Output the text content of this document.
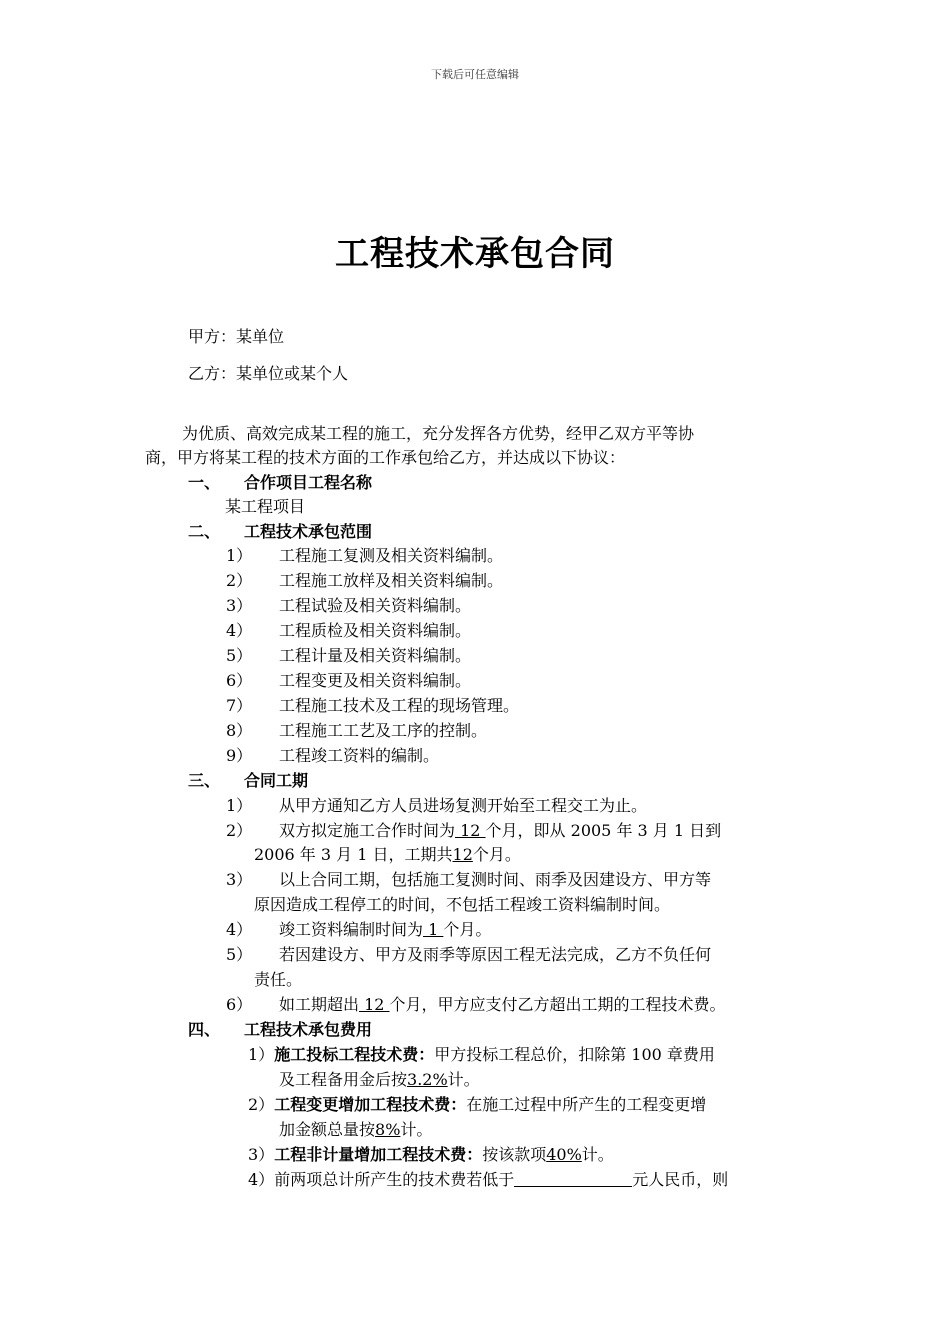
下载后可任意编辑
工程技术承包合同
甲方：某单位
乙方：某单位或某个人
为优质、高效完成某工程的施工，充分发挥各方优势，经甲乙双方平等协
商，甲方将某工程的技术方面的工作承包给乙方，并达成以下协议：
一、 合作项目工程名称
某工程项目
二、 工程技术承包范围
1） 工程施工复测及相关资料编制。
2） 工程施工放样及相关资料编制。
3） 工程试验及相关资料编制。
4） 工程质检及相关资料编制。
5） 工程计量及相关资料编制。
6） 工程变更及相关资料编制。
7） 工程施工技术及工程的现场管理。
8） 工程施工工艺及工序的控制。
9） 工程竣工资料的编制。
三、 合同工期
1） 从甲方通知乙方人员进场复测开始至工程交工为止。
2） 双方拟定施工合作时间为 12 个月，即从 2005 年 3 月 1 日到
2006 年 3 月 1 日，工期共12个月。
3） 以上合同工期，包括施工复测时间、雨季及因建设方、甲方等
原因造成工程停工的时间，不包括工程竣工资料编制时间。
4） 竣工资料编制时间为 1 个月。
5） 若因建设方、甲方及雨季等原因工程无法完成，乙方不负任何
责任。
6） 如工期超出 12 个月，甲方应支付乙方超出工期的工程技术费。
四、 工程技术承包费用
1）施工投标工程技术费：甲方投标工程总价，扣除第 100 章费用
及工程备用金后按3.2%计。
2）工程变更增加工程技术费：在施工过程中所产生的工程变更增
加金额总量按8%计。
3）工程非计量增加工程技术费：按该款项40%计。
4）前两项总计所产生的技术费若低于	元人民币，则
